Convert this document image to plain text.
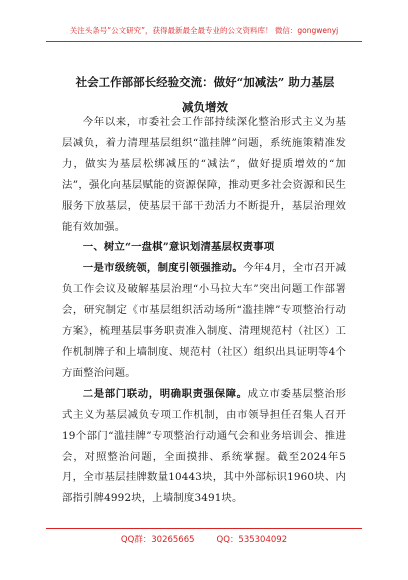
关注头条号“公文研究”，获得最新最全最专业的公文资料库！ 微信：gongwenyj
社会工作部部长经验交流：做好“加减法” 助力基层减负增效

今年以来，市委社会工作部持续深化整治形式主义为基层减负，着力清理基层组织“滥挂牌”问题，系统施策精准发力，做实为基层松绑减压的“减法”，做好提质增效的“加法”，强化向基层赋能的资源保障，推动更多社会资源和民生服务下放基层，使基层干部干劲活力不断提升，基层治理效能有效加强。

一、树立“一盘棋”意识划清基层权责事项

一是市级统领，制度引领强推动。今年4月，全市召开减负工作会议及破解基层治理“小马拉大车”突出问题工作部署会，研究制定《市基层组织活动场所“滥挂牌”专项整治行动方案》，梳理基层事务职责准入制度、清理规范村（社区）工作机制牌子和上墙制度、规范村（社区）组织出具证明等4个方面整治问题。

二是部门联动，明确职责强保障。成立市委基层整治形式主义为基层减负专项工作机制，由市领导担任召集人召开19个部门“滥挂牌”专项整治行动通气会和业务培训会、推进会，对照整治问题，全面摸排、系统掌握。截至2024年5月，全市基层挂牌数量10443块，其中外部标识1960块、内部指引牌4992块，上墙制度3491块。

QQ群：30265665	QQ：535304092
